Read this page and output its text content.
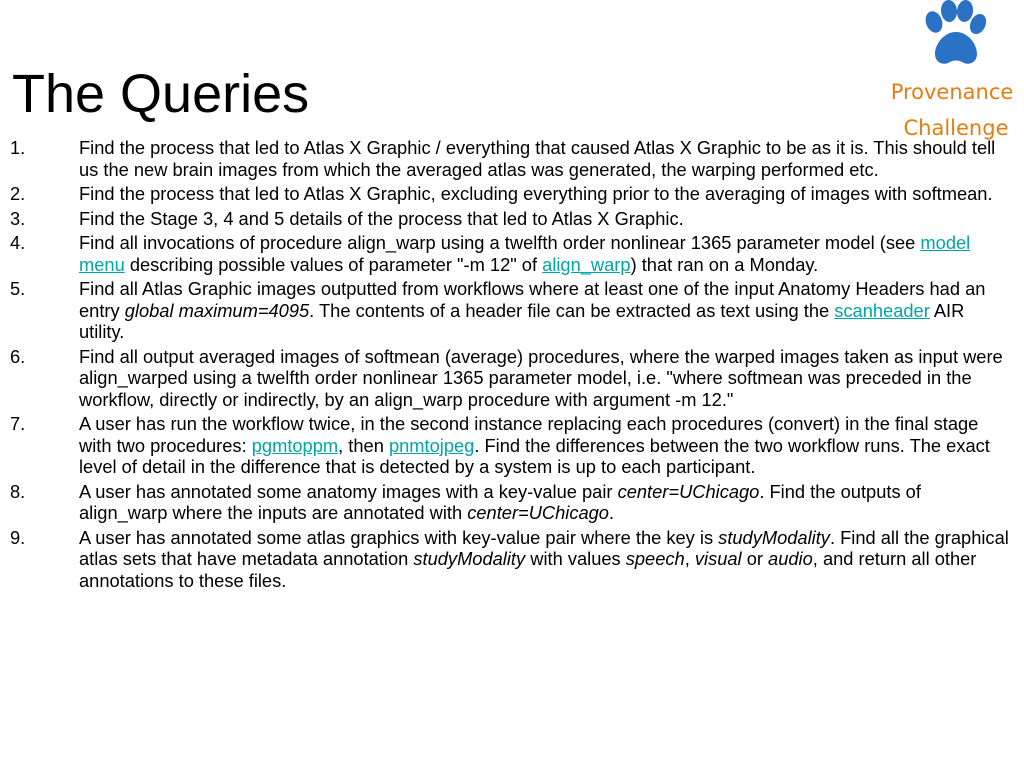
The Queries	Provenance
Challenge
1.	Find the process that led to Atlas X Graphic / everything that caused Atlas X Graphic to be as it is. This should tell us the new brain images from which the averaged atlas was generated, the warping performed etc.
2.	Find the process that led to Atlas X Graphic, excluding everything prior to the averaging of images with softmean.
3.	Find the Stage 3, 4 and 5 details of the process that led to Atlas X Graphic.
4.	Find all invocations of procedure align_warp using a twelfth order nonlinear 1365 parameter model (see model menu describing possible values of parameter "-m 12" of align_warp) that ran on a Monday.
5.	Find all Atlas Graphic images outputted from workflows where at least one of the input Anatomy Headers had an entry global maximum=4095. The contents of a header file can be extracted as text using the scanheader AIR utility.
6.	Find all output averaged images of softmean (average) procedures, where the warped images taken as input were align_warped using a twelfth order nonlinear 1365 parameter model, i.e. "where softmean was preceded in the workflow, directly or indirectly, by an align_warp procedure with argument -m 12."
7.	A user has run the workflow twice, in the second instance replacing each procedures (convert) in the final stage with two procedures: pgmtoppm, then pnmtojpeg. Find the differences between the two workflow runs. The exact level of detail in the difference that is detected by a system is up to each participant.
8.	A user has annotated some anatomy images with a key-value pair center=UChicago. Find the outputs of align_warp where the inputs are annotated with center=UChicago.
9.	A user has annotated some atlas graphics with key-value pair where the key is studyModality. Find all the graphical atlas sets that have metadata annotation studyModality with values speech, visual or audio, and return all other annotations to these files.
